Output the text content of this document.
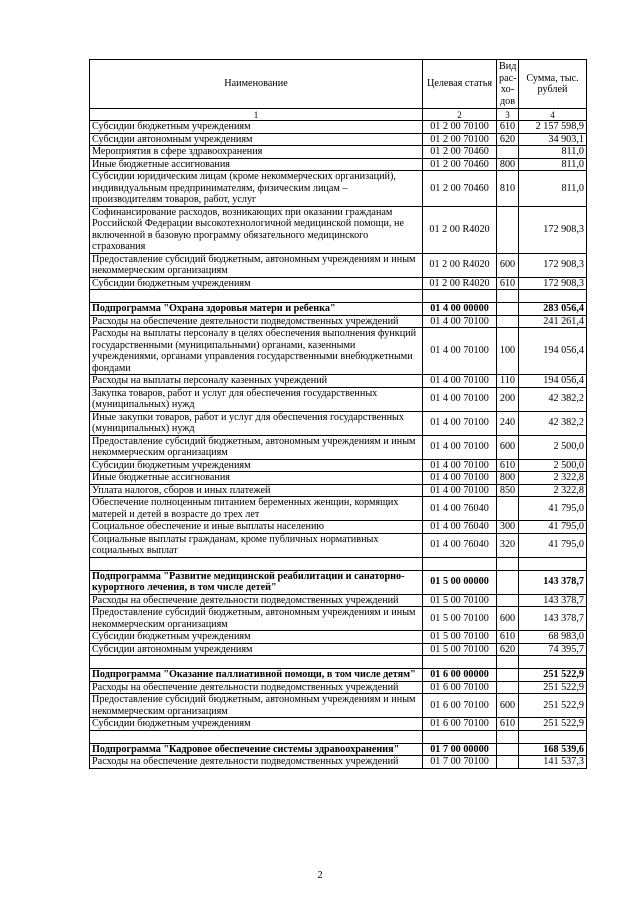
Наименование	Целевая статья	Вид рас-хо-дов	Сумма, тыс. рублей
1	2	3	4
Субсидии бюджетным учреждениям	01 2 00 70100	610	2 157 598,9
Субсидии автономным учреждениям	01 2 00 70100	620	34 903,1
Мероприятия в сфере здравоохранения	01 2 00 70460		811,0
Иные бюджетные ассигнования	01 2 00 70460	800	811,0
Субсидии юридическим лицам (кроме некоммерческих организаций), индивидуальным предпринимателям, физическим лицам – производителям товаров, работ, услуг	01 2 00 70460	810	811,0
Софинансирование расходов, возникающих при оказании гражданам Российской Федерации высокотехнологичной медицинской помощи, не включенной в базовую программу обязательного медицинского страхования	01 2 00 R4020		172 908,3
Предоставление субсидий бюджетным, автономным учреждениям и иным некоммерческим организациям	01 2 00 R4020	600	172 908,3
Субсидии бюджетным учреждениям	01 2 00 R4020	610	172 908,3

Подпрограмма "Охрана здоровья матери и ребенка"	01 4 00 00000		283 056,4
Расходы на обеспечение деятельности подведомственных учреждений	01 4 00 70100		241 261,4
Расходы на выплаты персоналу в целях обеспечения выполнения функций государственными (муниципальными) органами, казенными учреждениями, органами управления государственными внебюджетными фондами	01 4 00 70100	100	194 056,4
Расходы на выплаты персоналу казенных учреждений	01 4 00 70100	110	194 056,4
Закупка товаров, работ и услуг для обеспечения государственных (муниципальных) нужд	01 4 00 70100	200	42 382,2
Иные закупки товаров, работ и услуг для обеспечения государственных (муниципальных) нужд	01 4 00 70100	240	42 382,2
Предоставление субсидий бюджетным, автономным учреждениям и иным некоммерческим организациям	01 4 00 70100	600	2 500,0
Субсидии бюджетным учреждениям	01 4 00 70100	610	2 500,0
Иные бюджетные ассигнования	01 4 00 70100	800	2 322,8
Уплата налогов, сборов и иных платежей	01 4 00 70100	850	2 322,8
Обеспечение полноценным питанием беременных женщин, кормящих матерей и детей в возрасте до трех лет	01 4 00 76040		41 795,0
Социальное обеспечение и иные выплаты населению	01 4 00 76040	300	41 795,0
Социальные выплаты гражданам, кроме публичных нормативных социальных выплат	01 4 00 76040	320	41 795,0

Подпрограмма "Развитие медицинской реабилитации и санаторно-курортного лечения, в том числе детей"	01 5 00 00000		143 378,7
Расходы на обеспечение деятельности подведомственных учреждений	01 5 00 70100		143 378,7
Предоставление субсидий бюджетным, автономным учреждениям и иным некоммерческим организациям	01 5 00 70100	600	143 378,7
Субсидии бюджетным учреждениям	01 5 00 70100	610	68 983,0
Субсидии автономным учреждениям	01 5 00 70100	620	74 395,7

Подпрограмма "Оказание паллиативной помощи, в том числе детям"	01 6 00 00000		251 522,9
Расходы на обеспечение деятельности подведомственных учреждений	01 6 00 70100		251 522,9
Предоставление субсидий бюджетным, автономным учреждениям и иным некоммерческим организациям	01 6 00 70100	600	251 522,9
Субсидии бюджетным учреждениям	01 6 00 70100	610	251 522,9

Подпрограмма "Кадровое обеспечение системы здравоохранения"	01 7 00 00000		168 539,6
Расходы на обеспечение деятельности подведомственных учреждений	01 7 00 70100		141 537,3
2
